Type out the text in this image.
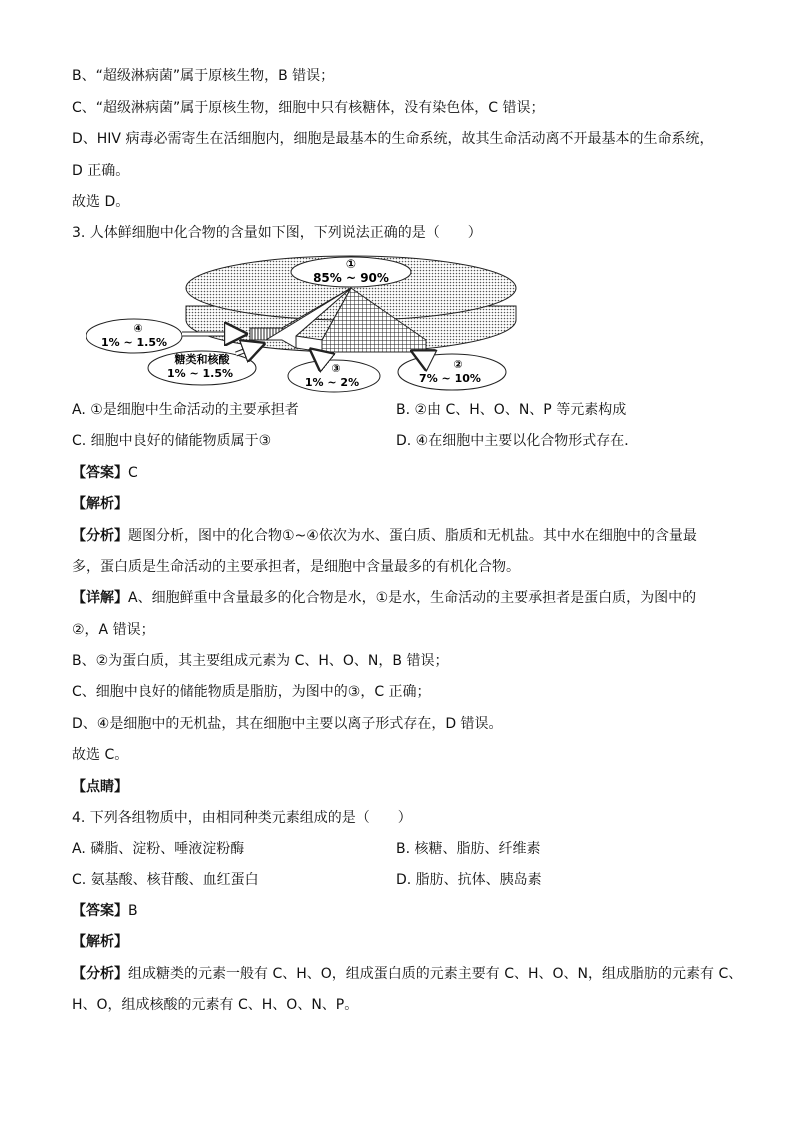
B、“超级淋病菌”属于原核生物，B 错误；
C、“超级淋病菌”属于原核生物，细胞中只有核糖体，没有染色体，C 错误；
D、HIV 病毒必需寄生在活细胞内，细胞是最基本的生命系统，故其生命活动离不开最基本的生命系统，
D 正确。
故选 D。
3. 人体鲜细胞中化合物的含量如下图，下列说法正确的是（　　）
①
85% ~ 90%
④
1% ~ 1.5%
糖类和核酸
1% ~ 1.5%	③
1% ~ 2%
②
7% ~ 10%
A. ①是细胞中生命活动的主要承担者	B. ②由 C、H、O、N、P 等元素构成
C. 细胞中良好的储能物质属于③	D. ④在细胞中主要以化合物形式存在．
【答案】C
【解析】
【分析】题图分析，图中的化合物①~④依次为水、蛋白质、脂质和无机盐。其中水在细胞中的含量最
多，蛋白质是生命活动的主要承担者，是细胞中含量最多的有机化合物。
【详解】A、细胞鲜重中含量最多的化合物是水，①是水，生命活动的主要承担者是蛋白质，为图中的
②，A 错误；
B、②为蛋白质，其主要组成元素为 C、H、O、N，B 错误；
C、细胞中良好的储能物质是脂肪，为图中的③，C 正确；
D、④是细胞中的无机盐，其在细胞中主要以离子形式存在，D 错误。
故选 C。
【点睛】
4. 下列各组物质中，由相同种类元素组成的是（　　）
A. 磷脂、淀粉、唾液淀粉酶	B. 核糖、脂肪、纤维素
C. 氨基酸、核苷酸、血红蛋白	D. 脂肪、抗体、胰岛素
【答案】B
【解析】
【分析】组成糖类的元素一般有 C、H、O，组成蛋白质的元素主要有 C、H、O、N，组成脂肪的元素有 C、
H、O，组成核酸的元素有 C、H、O、N、P。
